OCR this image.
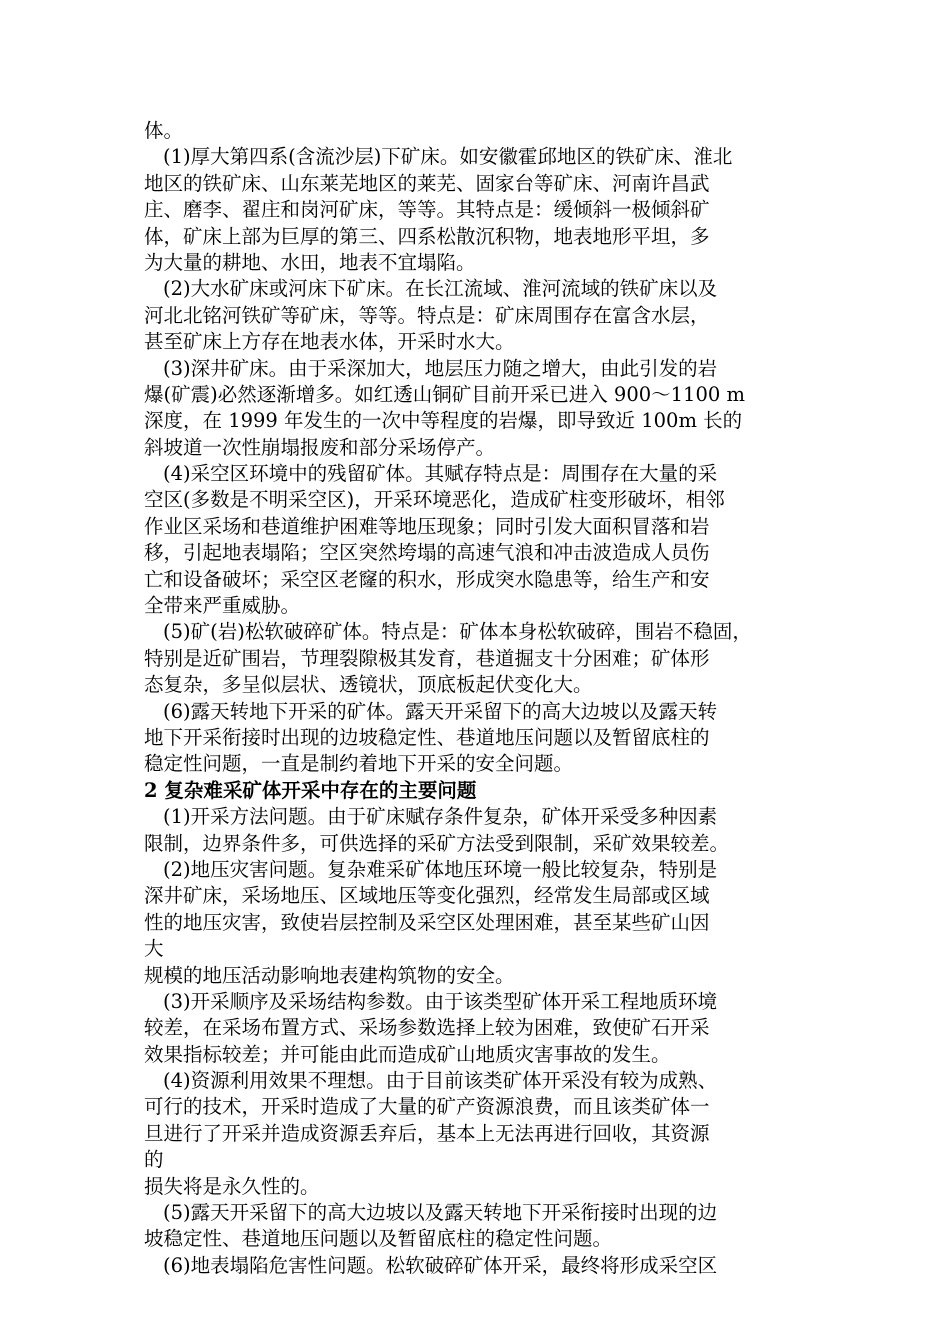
体。
(1)厚大第四系(含流沙层)下矿床。如安徽霍邱地区的铁矿床、淮北
地区的铁矿床、山东莱芜地区的莱芜、固家台等矿床、河南许昌武
庄、磨李、翟庄和岗河矿床，等等。其特点是：缓倾斜一极倾斜矿
体，矿床上部为巨厚的第三、四系松散沉积物，地表地形平坦，多
为大量的耕地、水田，地表不宜塌陷。
(2)大水矿床或河床下矿床。在长江流域、淮河流域的铁矿床以及
河北北铭河铁矿等矿床，等等。特点是：矿床周围存在富含水层，
甚至矿床上方存在地表水体，开采时水大。
(3)深井矿床。由于采深加大，地层压力随之增大，由此引发的岩
爆(矿震)必然逐渐增多。如红透山铜矿目前开采已进入 900～1100 m
深度，在 1999 年发生的一次中等程度的岩爆，即导致近 100m 长的
斜坡道一次性崩塌报废和部分采场停产。
(4)采空区环境中的残留矿体。其赋存特点是：周围存在大量的采
空区(多数是不明采空区)，开采环境恶化，造成矿柱变形破坏，相邻
作业区采场和巷道维护困难等地压现象；同时引发大面积冒落和岩
移，引起地表塌陷；空区突然垮塌的高速气浪和冲击波造成人员伤
亡和设备破坏；采空区老窿的积水，形成突水隐患等，给生产和安
全带来严重威胁。
(5)矿(岩)松软破碎矿体。特点是：矿体本身松软破碎，围岩不稳固，
特别是近矿围岩，节理裂隙极其发育，巷道掘支十分困难；矿体形
态复杂，多呈似层状、透镜状，顶底板起伏变化大。
(6)露天转地下开采的矿体。露天开采留下的高大边坡以及露天转
地下开采衔接时出现的边坡稳定性、巷道地压问题以及暂留底柱的
稳定性问题，一直是制约着地下开采的安全问题。
2 复杂难采矿体开采中存在的主要问题
(1)开采方法问题。由于矿床赋存条件复杂，矿体开采受多种因素
限制，边界条件多，可供选择的采矿方法受到限制，采矿效果较差。
(2)地压灾害问题。复杂难采矿体地压环境一般比较复杂，特别是
深井矿床，采场地压、区域地压等变化强烈，经常发生局部或区域
性的地压灾害，致使岩层控制及采空区处理困难，甚至某些矿山因
大
规模的地压活动影响地表建构筑物的安全。
(3)开采顺序及采场结构参数。由于该类型矿体开采工程地质环境
较差，在采场布置方式、采场参数选择上较为困难，致使矿石开采
效果指标较差；并可能由此而造成矿山地质灾害事故的发生。
(4)资源利用效果不理想。由于目前该类矿体开采没有较为成熟、
可行的技术，开采时造成了大量的矿产资源浪费，而且该类矿体一
旦进行了开采并造成资源丢弃后，基本上无法再进行回收，其资源
的
损失将是永久性的。
(5)露天开采留下的高大边坡以及露天转地下开采衔接时出现的边
坡稳定性、巷道地压问题以及暂留底柱的稳定性问题。
(6)地表塌陷危害性问题。松软破碎矿体开采，最终将形成采空区
